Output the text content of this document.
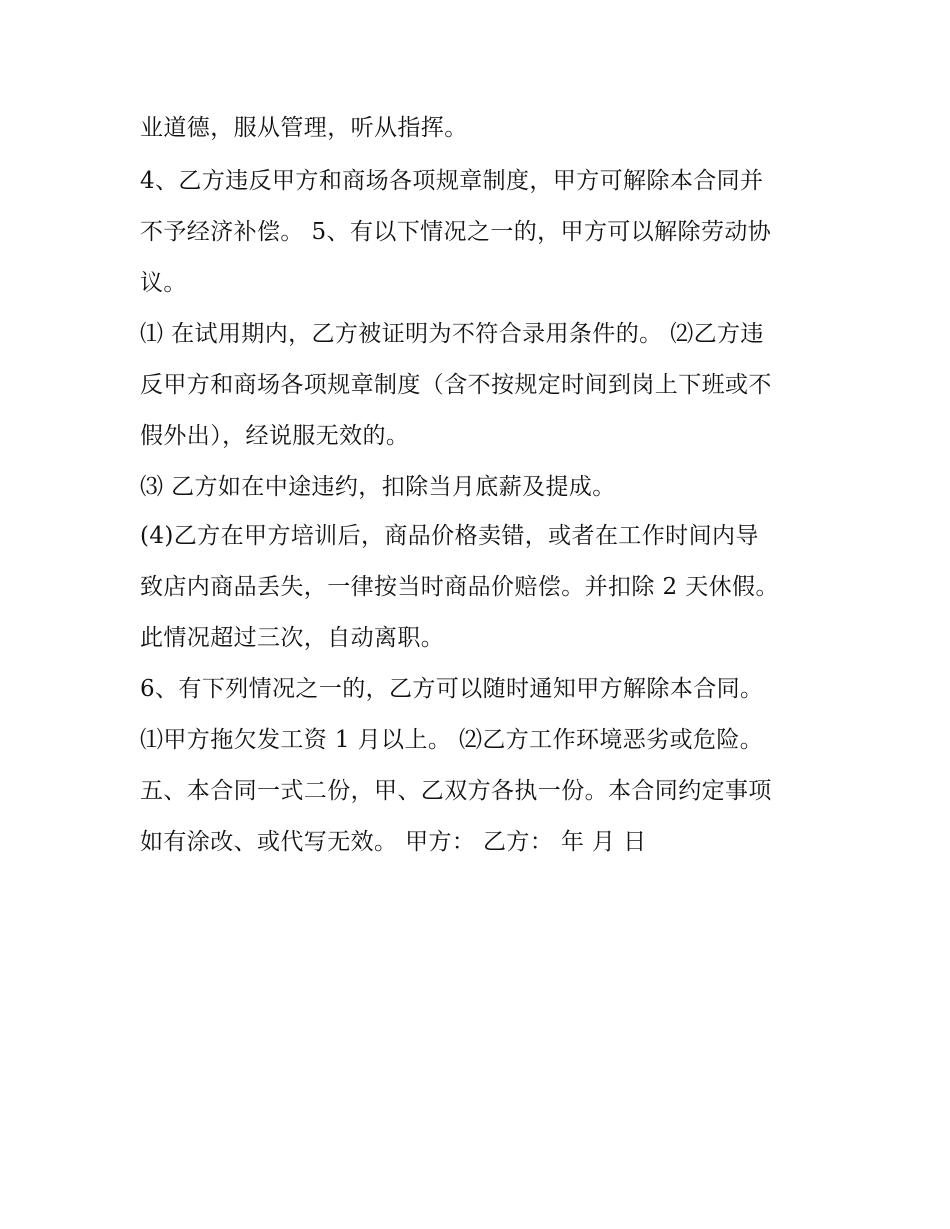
业道德，服从管理，听从指挥。
4、乙方违反甲方和商场各项规章制度，甲方可解除本合同并
不予经济补偿。 5、有以下情况之一的，甲方可以解除劳动协
议。
⑴ 在试用期内，乙方被证明为不符合录用条件的。 ⑵乙方违
反甲方和商场各项规章制度（含不按规定时间到岗上下班或不
假外出），经说服无效的。
⑶ 乙方如在中途违约，扣除当月底薪及提成。
(4)乙方在甲方培训后，商品价格卖错，或者在工作时间内导
致店内商品丢失，一律按当时商品价赔偿。并扣除 2 天休假。
此情况超过三次，自动离职。
6、有下列情况之一的，乙方可以随时通知甲方解除本合同。
⑴甲方拖欠发工资 1 月以上。 ⑵乙方工作环境恶劣或危险。
五、本合同一式二份，甲、乙双方各执一份。本合同约定事项
如有涂改、或代写无效。 甲方： 乙方： 年 月 日
